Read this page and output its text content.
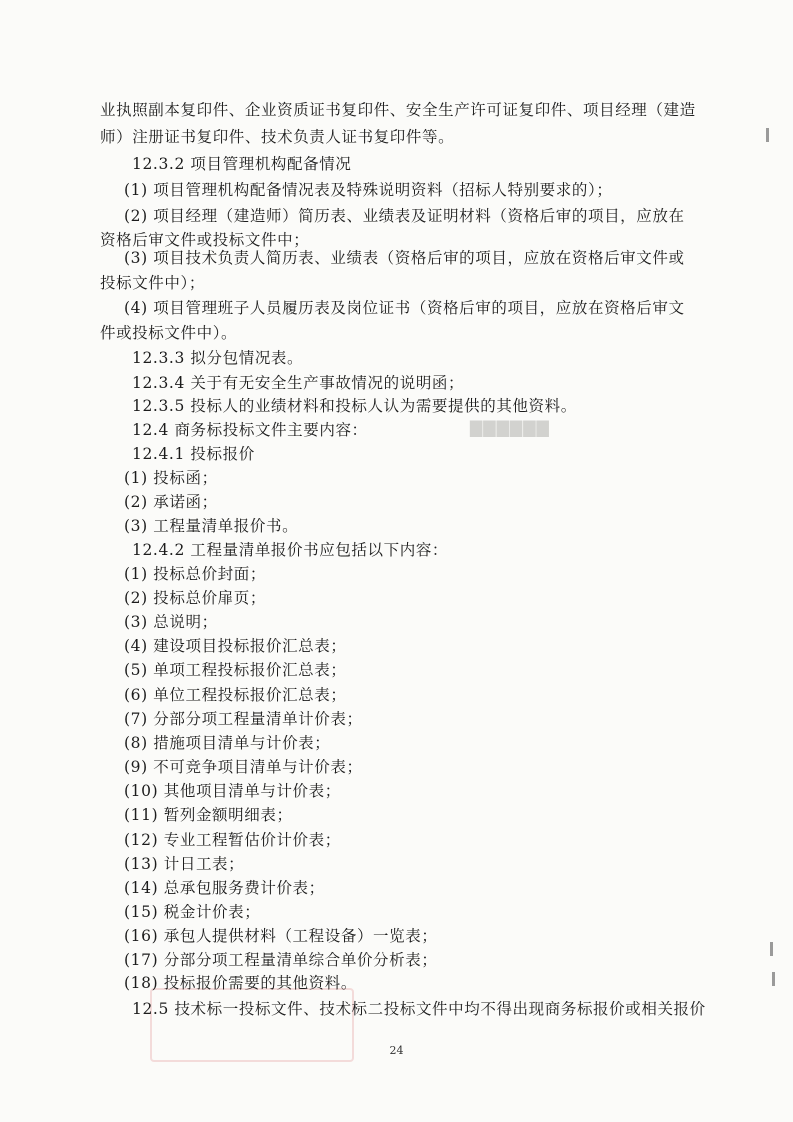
▇▇▇▇▇▇
业执照副本复印件、企业资质证书复印件、安全生产许可证复印件、项目经理（建造
师）注册证书复印件、技术负责人证书复印件等。
12.3.2 项目管理机构配备情况
(1) 项目管理机构配备情况表及特殊说明资料（招标人特别要求的）；
(2) 项目经理（建造师）简历表、业绩表及证明材料（资格后审的项目，应放在
资格后审文件或投标文件中；
(3) 项目技术负责人简历表、业绩表（资格后审的项目，应放在资格后审文件或
投标文件中）；
(4) 项目管理班子人员履历表及岗位证书（资格后审的项目，应放在资格后审文
件或投标文件中）。
12.3.3 拟分包情况表。
12.3.4 关于有无安全生产事故情况的说明函；
12.3.5 投标人的业绩材料和投标人认为需要提供的其他资料。
12.4 商务标投标文件主要内容：
12.4.1 投标报价
(1) 投标函；
(2) 承诺函；
(3) 工程量清单报价书。
12.4.2 工程量清单报价书应包括以下内容：
(1) 投标总价封面；
(2) 投标总价扉页；
(3) 总说明；
(4) 建设项目投标报价汇总表；
(5) 单项工程投标报价汇总表；
(6) 单位工程投标报价汇总表；
(7) 分部分项工程量清单计价表；
(8) 措施项目清单与计价表；
(9) 不可竞争项目清单与计价表；
(10) 其他项目清单与计价表；
(11) 暂列金额明细表；
(12) 专业工程暂估价计价表；
(13) 计日工表；
(14) 总承包服务费计价表；
(15) 税金计价表；
(16) 承包人提供材料（工程设备）一览表；
(17) 分部分项工程量清单综合单价分析表；
(18) 投标报价需要的其他资料。
12.5 技术标一投标文件、技术标二投标文件中均不得出现商务标报价或相关报价
24
